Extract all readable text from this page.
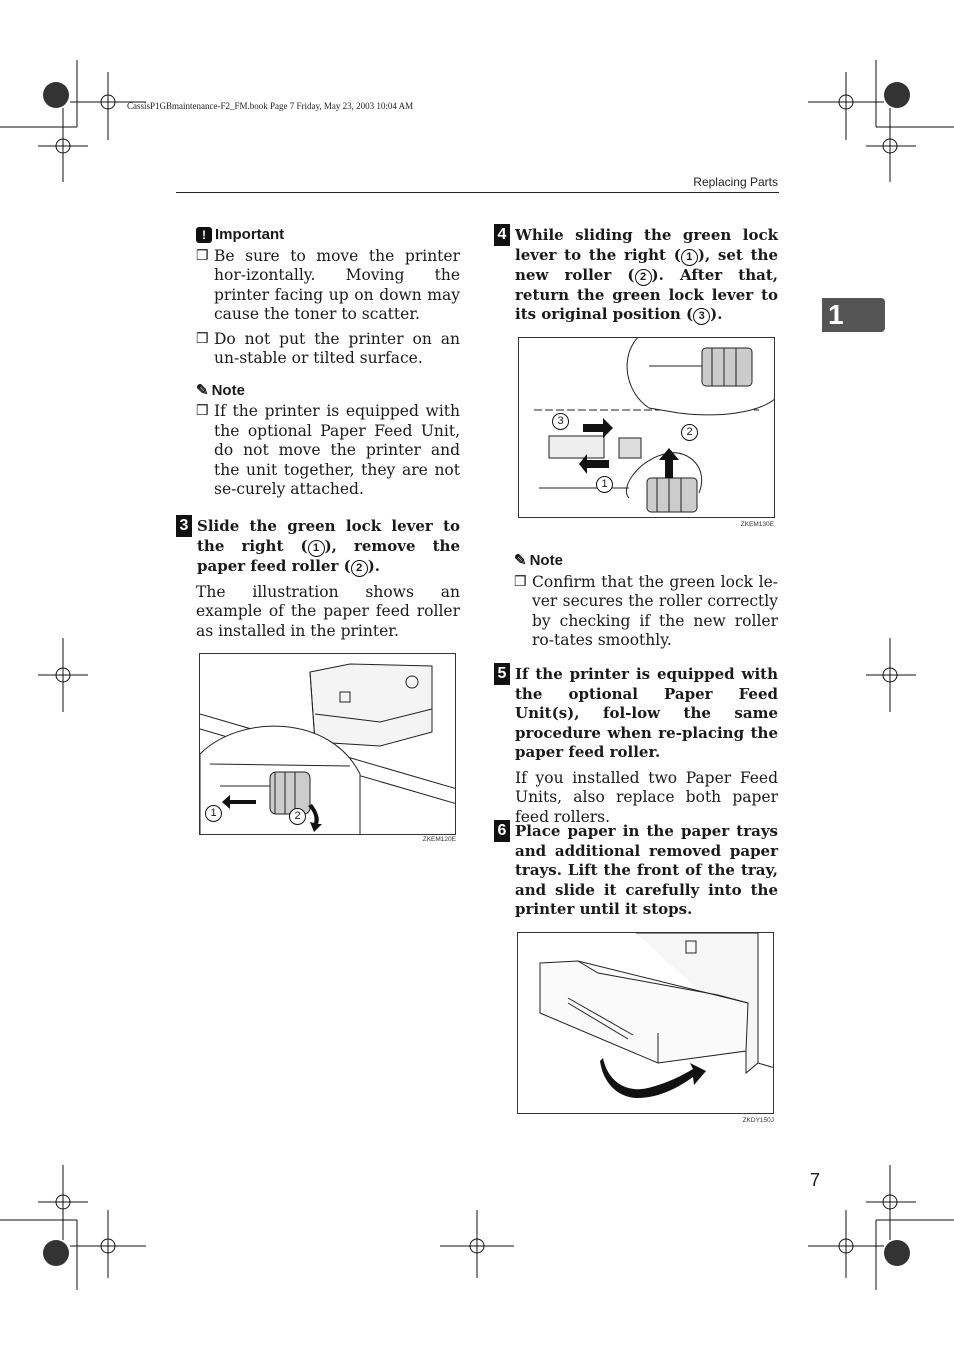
CassisP1GBmaintenance-F2_FM.book Page 7 Friday, May 23, 2003 10:04 AM
Replacing Parts
1
! Important
❒ Be sure to move the printer hor-izontally. Moving the printer facing up on down may cause the toner to scatter.
❒ Do not put the printer on an un-stable or tilted surface.
✎ Note
❒ If the printer is equipped with the optional Paper Feed Unit, do not move the printer and the unit together, they are not se-curely attached.
3 Slide the green lock lever to the right ( 1 ), remove the paper feed roller ( 2 ).
The illustration shows an example of the paper feed roller as installed in the printer.
1	2
ZKEM120E
4 While sliding the green lock lever to the right ( 1 ), set the new roller ( 2 ). After that, return the green lock lever to its original position ( 3 ).
3
2
1
ZKEM130E
✎ Note
❒ Confirm that the green lock le-ver secures the roller correctly by checking if the new roller ro-tates smoothly.
5 If the printer is equipped with the optional Paper Feed Unit(s), fol-low the same procedure when re-placing the paper feed roller.
If you installed two Paper Feed Units, also replace both paper feed rollers.
6 Place paper in the paper trays and additional removed paper trays. Lift the front of the tray, and slide it carefully into the printer until it stops.
ZKDY150J
7
